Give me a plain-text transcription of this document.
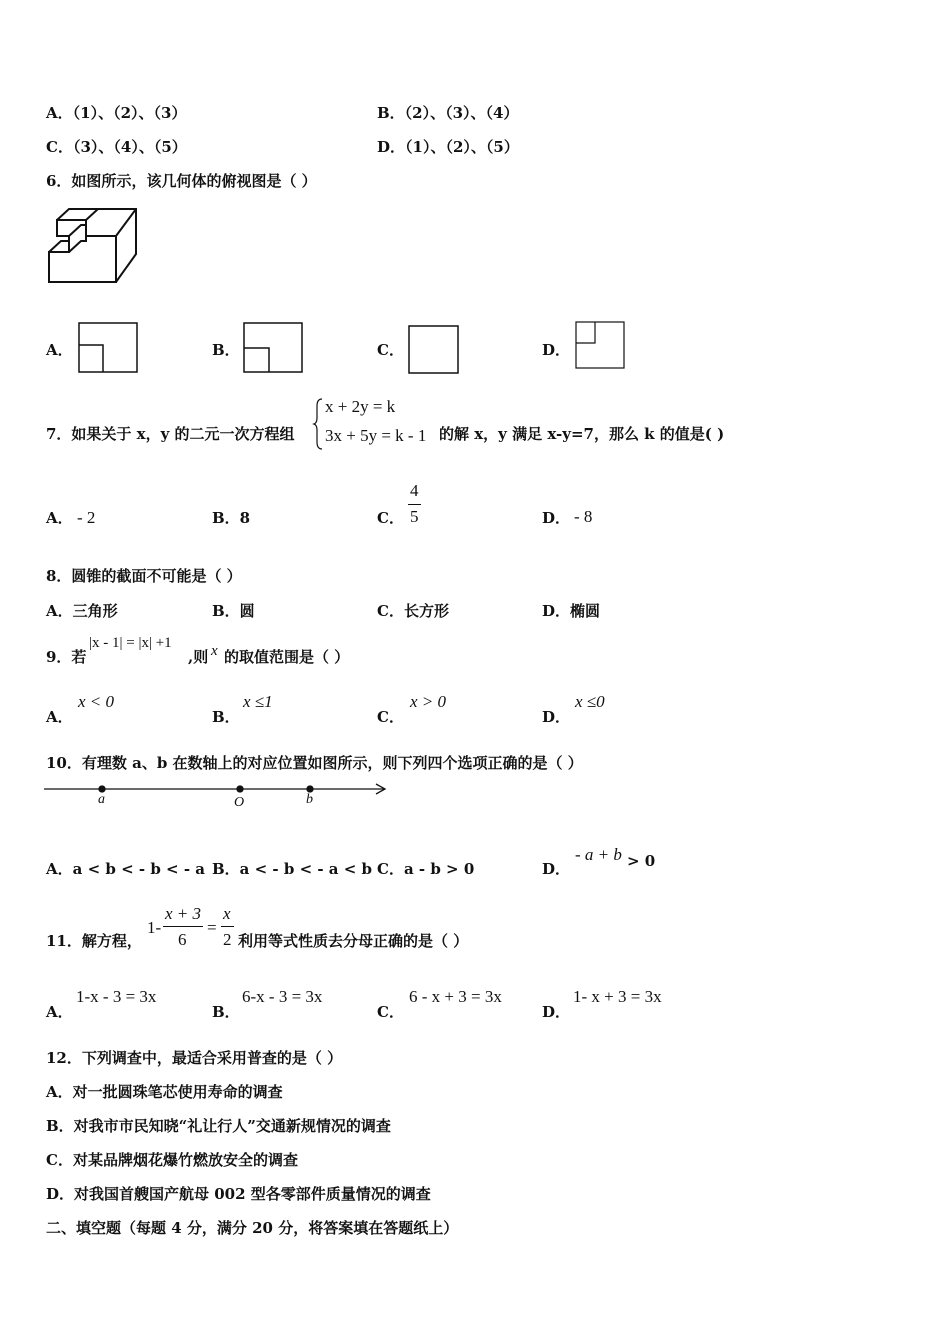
A．（1）、（2）、（3）	B．（2）、（3）、（4）
C．（3）、（4）、（5）	D．（1）、（2）、（5）
6．如图所示，该几何体的俯视图是（ ）
A．	B．	C．	D．
7．如果关于 x，y 的二元一次方程组
x + 2y = k
3x + 5y = k - 1 的解 x，y 满足 x-y=7，那么 k 的值是( )
A． - 2	B．8	C．
4
5	D． - 8
8．圆锥的截面不可能是（ ）
A．三角形	B．圆	C．长方形	D．椭圆
9．若
|x - 1| = |x| +1
,则 x 的取值范围是（ ）
A．
x < 0
B．
x ≤1
C．
x > 0
D．
x ≤0
10．有理数 a、b 在数轴上的对应位置如图所示，则下列四个选项正确的是（ ）
a	O	b
A．a < b < - b < - a B．a < - b < - a < b C．a - b > 0	D．
- a + b > 0
11．解方程，
1-
x + 3
6
=
x
2 利用等式性质去分母正确的是（ ）
A．
1-x - 3 = 3x
B．
6-x - 3 = 3x
C．
6 - x + 3 = 3x
D．
1- x + 3 = 3x
12．下列调查中，最适合采用普查的是（ ）
A．对一批圆珠笔芯使用寿命的调查
B．对我市市民知晓“礼让行人”交通新规情况的调查
C．对某品牌烟花爆竹燃放安全的调查
D．对我国首艘国产航母 002 型各零部件质量情况的调查
二、填空题（每题 4 分，满分 20 分，将答案填在答题纸上）
